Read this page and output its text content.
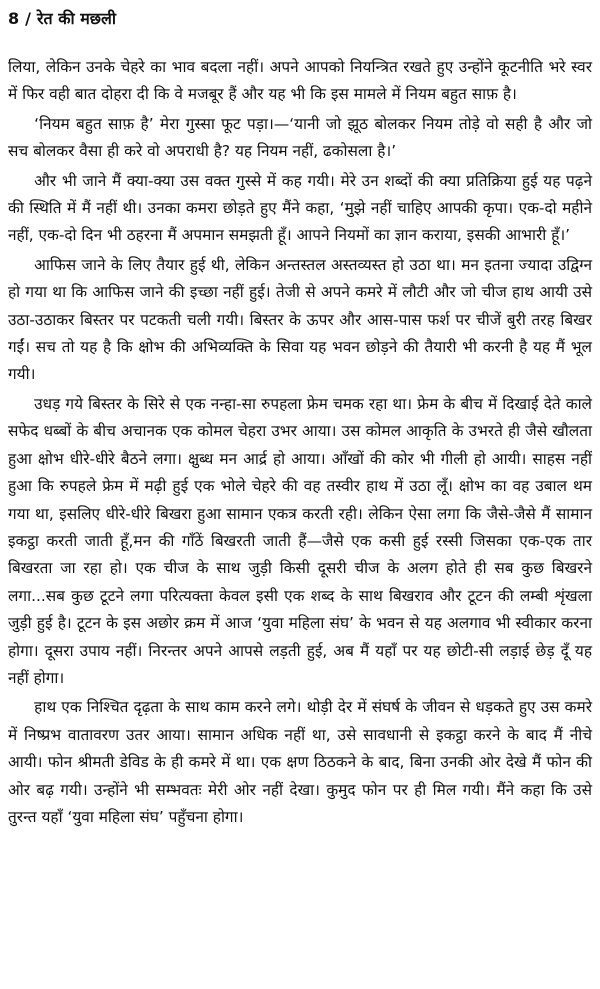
8 / रेत की मछली

लिया, लेकिन उनके चेहरे का भाव बदला नहीं। अपने आपको नियन्त्रित रखते हुए उन्होंने कूटनीति भरे स्वर में फिर वही बात दोहरा दी कि वे मजबूर हैं और यह भी कि इस मामले में नियम बहुत साफ़ है।

‘नियम बहुत साफ़ है’ मेरा गुस्सा फूट पड़ा।—‘यानी जो झूठ बोलकर नियम तोड़े वो सही है और जो सच बोलकर वैसा ही करे वो अपराधी है? यह नियम नहीं, ढकोसला है।’

और भी जाने मैं क्या-क्या उस वक्त गुस्से में कह गयी। मेरे उन शब्दों की क्या प्रतिक्रिया हुई यह पढ़ने की स्थिति में मैं नहीं थी। उनका कमरा छोड़ते हुए मैंने कहा, ‘मुझे नहीं चाहिए आपकी कृपा। एक-दो महीने नहीं, एक-दो दिन भी ठहरना मैं अपमान समझती हूँ। आपने नियमों का ज्ञान कराया, इसकी आभारी हूँ।’

आफिस जाने के लिए तैयार हुई थी, लेकिन अन्तस्तल अस्तव्यस्त हो उठा था। मन इतना ज्यादा उद्विग्न हो गया था कि आफिस जाने की इच्छा नहीं हुई। तेजी से अपने कमरे में लौटी और जो चीज हाथ आयी उसे उठा-उठाकर बिस्तर पर पटकती चली गयी। बिस्तर के ऊपर और आस-पास फर्श पर चीजें बुरी तरह बिखर गईं। सच तो यह है कि क्षोभ की अभिव्यक्ति के सिवा यह भवन छोड़ने की तैयारी भी करनी है यह मैं भूल गयी।

उधड़ गये बिस्तर के सिरे से एक नन्हा-सा रुपहला फ्रेम चमक रहा था। फ्रेम के बीच में दिखाई देते काले सफेद धब्बों के बीच अचानक एक कोमल चेहरा उभर आया। उस कोमल आकृति के उभरते ही जैसे खौलता हुआ क्षोभ धीरे-धीरे बैठने लगा। क्षुब्ध मन आर्द्र हो आया। आँखों की कोर भी गीली हो आयी। साहस नहीं हुआ कि रुपहले फ्रेम में मढ़ी हुई एक भोले चेहरे की वह तस्वीर हाथ में उठा लूँ। क्षोभ का वह उबाल थम गया था, इसलिए धीरे-धीरे बिखरा हुआ सामान एकत्र करती रही। लेकिन ऐसा लगा कि जैसे-जैसे मैं सामान इकट्ठा करती जाती हूँ,मन की गाँठें बिखरती जाती हैं—जैसे एक कसी हुई रस्सी जिसका एक-एक तार बिखरता जा रहा हो। एक चीज के साथ जुड़ी किसी दूसरी चीज के अलग होते ही सब कुछ बिखरने लगा...सब कुछ टूटने लगा परित्यक्ता केवल इसी एक शब्द के साथ बिखराव और टूटन की लम्बी शृंखला जुड़ी हुई है। टूटन के इस अछोर क्रम में आज ‘युवा महिला संघ’ के भवन से यह अलगाव भी स्वीकार करना होगा। दूसरा उपाय नहीं। निरन्तर अपने आपसे लड़ती हुई, अब मैं यहाँ पर यह छोटी-सी लड़ाई छेड़ दूँ यह नहीं होगा।

हाथ एक निश्चित दृढ़ता के साथ काम करने लगे। थोड़ी देर में संघर्ष के जीवन से धड़कते हुए उस कमरे में निष्प्रभ वातावरण उतर आया। सामान अधिक नहीं था, उसे सावधानी से इकट्ठा करने के बाद मैं नीचे आयी। फोन श्रीमती डेविड के ही कमरे में था। एक क्षण ठिठकने के बाद, बिना उनकी ओर देखे मैं फोन की ओर बढ़ गयी। उन्होंने भी सम्भवतः मेरी ओर नहीं देखा। कुमुद फोन पर ही मिल गयी। मैंने कहा कि उसे तुरन्त यहाँ ‘युवा महिला संघ’ पहुँचना होगा।
